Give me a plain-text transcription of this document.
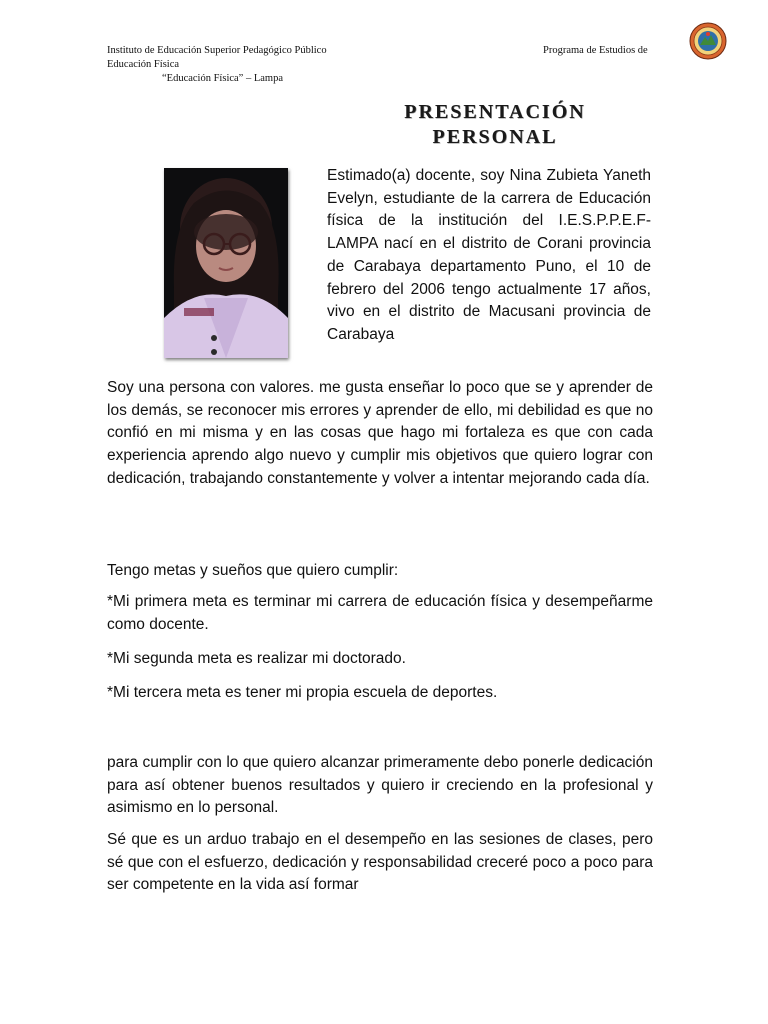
Instituto de Educación Superior Pedagógico Público
Educación Física
“Educación Física” – Lampa
Programa de Estudios de
PRESENTACIÓN
PERSONAL
Estimado(a) docente, soy Nina Zubieta Yaneth Evelyn, estudiante de la carrera de Educación física de la institución del I.E.S.P.P.E.F- LAMPA nací en el distrito de Corani provincia de Carabaya departamento Puno, el 10 de febrero del 2006 tengo actualmente 17 años, vivo en el distrito de Macusani provincia de Carabaya

Soy una persona con valores. me gusta enseñar lo poco que se y aprender de los demás, se reconocer mis errores y aprender de ello, mi debilidad es que no confió en mi misma y en las cosas que hago mi fortaleza es que con cada experiencia aprendo algo nuevo y cumplir mis objetivos que quiero lograr con dedicación, trabajando constantemente y volver a intentar mejorando cada día.

Tengo metas y sueños que quiero cumplir:

*Mi primera meta es terminar mi carrera de educación física y desempeñarme como docente.

*Mi segunda meta es realizar mi doctorado.

*Mi tercera meta es tener mi propia escuela de deportes.

para cumplir con lo que quiero alcanzar primeramente debo ponerle dedicación para así obtener buenos resultados y quiero ir creciendo en la profesional y asimismo en lo personal.

Sé que es un arduo trabajo en el desempeño en las sesiones de clases, pero sé que con el esfuerzo, dedicación y responsabilidad creceré poco a poco para ser competente en la vida así formar
